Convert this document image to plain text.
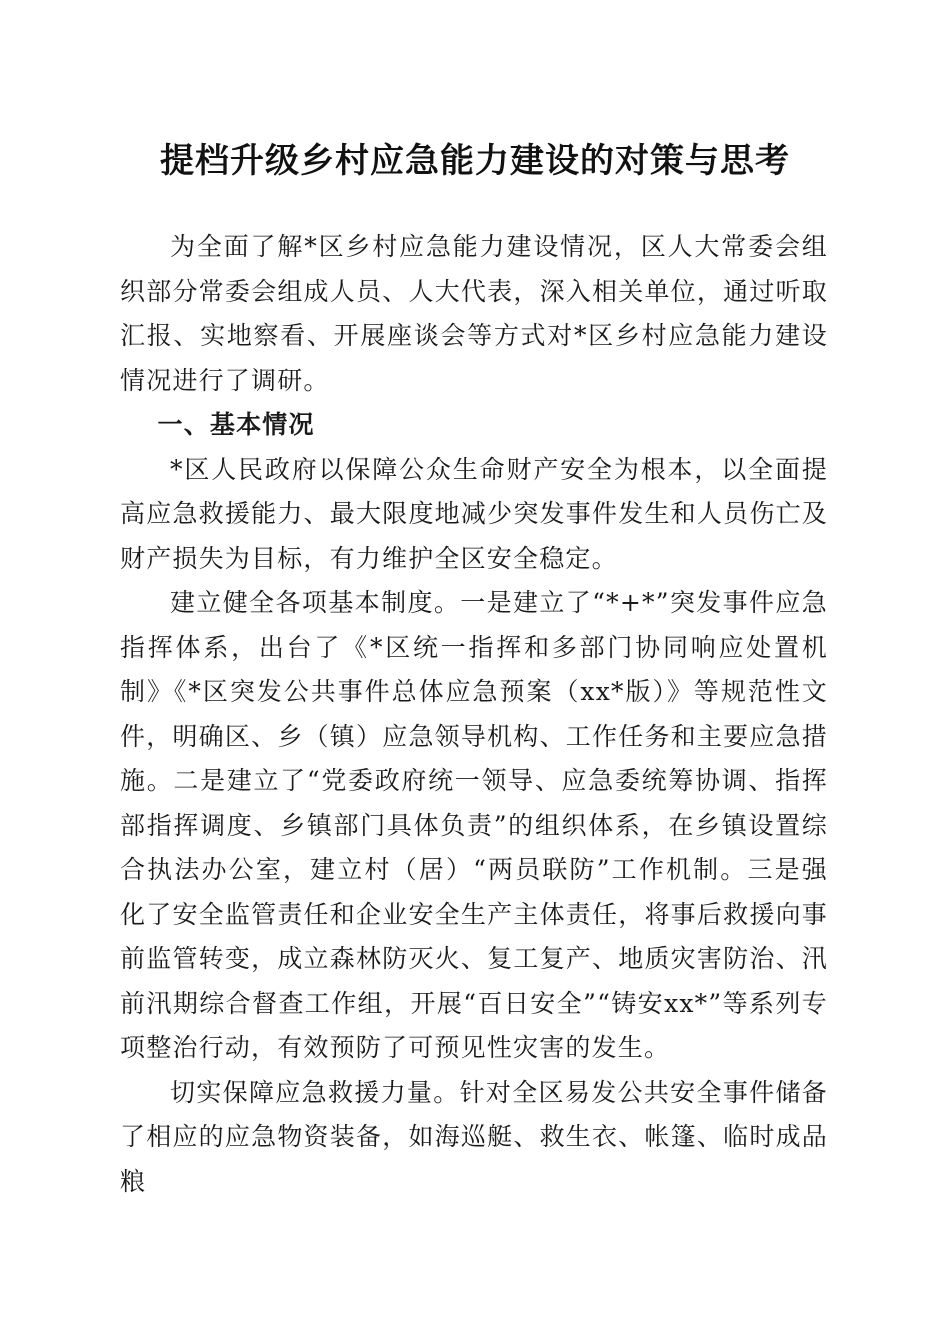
提档升级乡村应急能力建设的对策与思考

为全面了解*区乡村应急能力建设情况，区人大常委会组织部分常委会组成人员、人大代表，深入相关单位，通过听取汇报、实地察看、开展座谈会等方式对*区乡村应急能力建设情况进行了调研。

一、基本情况

*区人民政府以保障公众生命财产安全为根本，以全面提高应急救援能力、最大限度地减少突发事件发生和人员伤亡及财产损失为目标，有力维护全区安全稳定。

建立健全各项基本制度。一是建立了“*+*”突发事件应急指挥体系，出台了《*区统一指挥和多部门协同响应处置机制》《*区突发公共事件总体应急预案（xx*版）》等规范性文件，明确区、乡（镇）应急领导机构、工作任务和主要应急措施。二是建立了“党委政府统一领导、应急委统筹协调、指挥部指挥调度、乡镇部门具体负责”的组织体系，在乡镇设置综合执法办公室，建立村（居）“两员联防”工作机制。三是强化了安全监管责任和企业安全生产主体责任，将事后救援向事前监管转变，成立森林防灭火、复工复产、地质灾害防治、汛前汛期综合督查工作组，开展“百日安全”“铸安xx*”等系列专项整治行动，有效预防了可预见性灾害的发生。

切实保障应急救援力量。针对全区易发公共安全事件储备了相应的应急物资装备，如海巡艇、救生衣、帐篷、临时成品粮
